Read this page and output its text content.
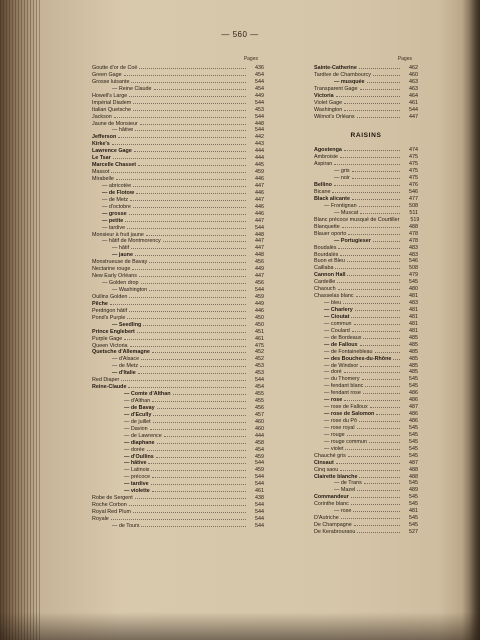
— 560 —
Pages
Goutte d'or de Coë	436
Green Gage	454
Grosse luisante	544
— Reine Claude	454
Howell's Large	449
Impérial Diadem	544
Italian Quetsche	453
Jackson	544
Jaune de Monsieur	448
— hâtive	544
Jefferson	442
Kirke's	443
Lawrence Gage	444
Le Tsar	444
Marcelle Chasset	445
Massot	459
Mirabelle	446
— abricotée	447
— de Flotow	446
— de Metz	447
— d'octobre	446
— grosse	446
— petite	447
— tardive	544
Monsieur à fruit jaune	448
— hâtif de Montmorency	447
— hâtif	447
— jaune	448
Monstrueuse de Bavay	456
Nectarine rouge	449
New Early Orléans	447
— Golden drop	456
— Washington	544
Oullins Golden	459
Pêche	449
Perdrigon hâtif	446
Pond's Purple	450
— Seedling	450
Prince Englebert	451
Purple Gage	461
Queen Victoria	475
Quetsche d'Allemagne	452
— d'Alsace	452
— de Metz	453
— d'Italie	453
Red Diaper	544
Reine-Claude	454
— Comte d'Althan	455
— d'Althan	455
— de Bavay	456
— d'Ecully	457
— de juillet	460
— Davion	460
— de Lawrence	444
— diaphane	458
— dorée	454
— d'Oullins	459
— hâtive	544
— Latinois	459
— précoce	544
— tardive	544
— violette	461
Robe de Sergent	438
Roche Corbon	544
Royal Red Plum	544
Royale	544
— de Tours	544
Pages
Sainte-Catherine	462
Tardive de Chambourcy	460
— musquée	463
Transparent Gage	463
Victoria	464
Violet Gage	461
Washington	544
Wilmot's Orléans	447
RAISINS
Agostenga	474
Ambroisie	475
Aspiran	475
— gris	475
— noir	475
Bellino	476
Bicane	546
Black alicante	477
— Frontignan	508
— Muscat	511
Blanc précoce musqué de Courtiller	519
Blanquette	488
Blauer oporto	478
— Portugieser	478
Boudalès	483
Bourdalès	483
Buon et Bleu	546
Caillaba	508
Cannon Hall	479
Cardeille	545
Chaouch	480
Chasselas blanc	481
— bleu	483
— Charlery	481
— Cioutat	481
— commun	481
— Coulard	481
— de Bordeaux	485
— de Falloux	485
— de Fontainebleau	485
— des Bouches-du-Rhône	485
— de Windsor	485
— doré	485
— du Thomery	545
— fendant blanc	545
— fendant rose	486
— rose	486
— rose de Falloux	487
— rose de Salomon	486
— rose du Pô	486
— rose royal	545
— rouge	545
— rouge commun	545
— violet	545
Chauché gris	545
Cinsaut	487
Cinq saou	488
Clairette blanche	488
— de Trans	545
— Mazel	489
Commandeur	545
Corinthe blanc	545
— rose	481
D'Autriche	545
De Champagne	545
De Kerabrouraou	527
